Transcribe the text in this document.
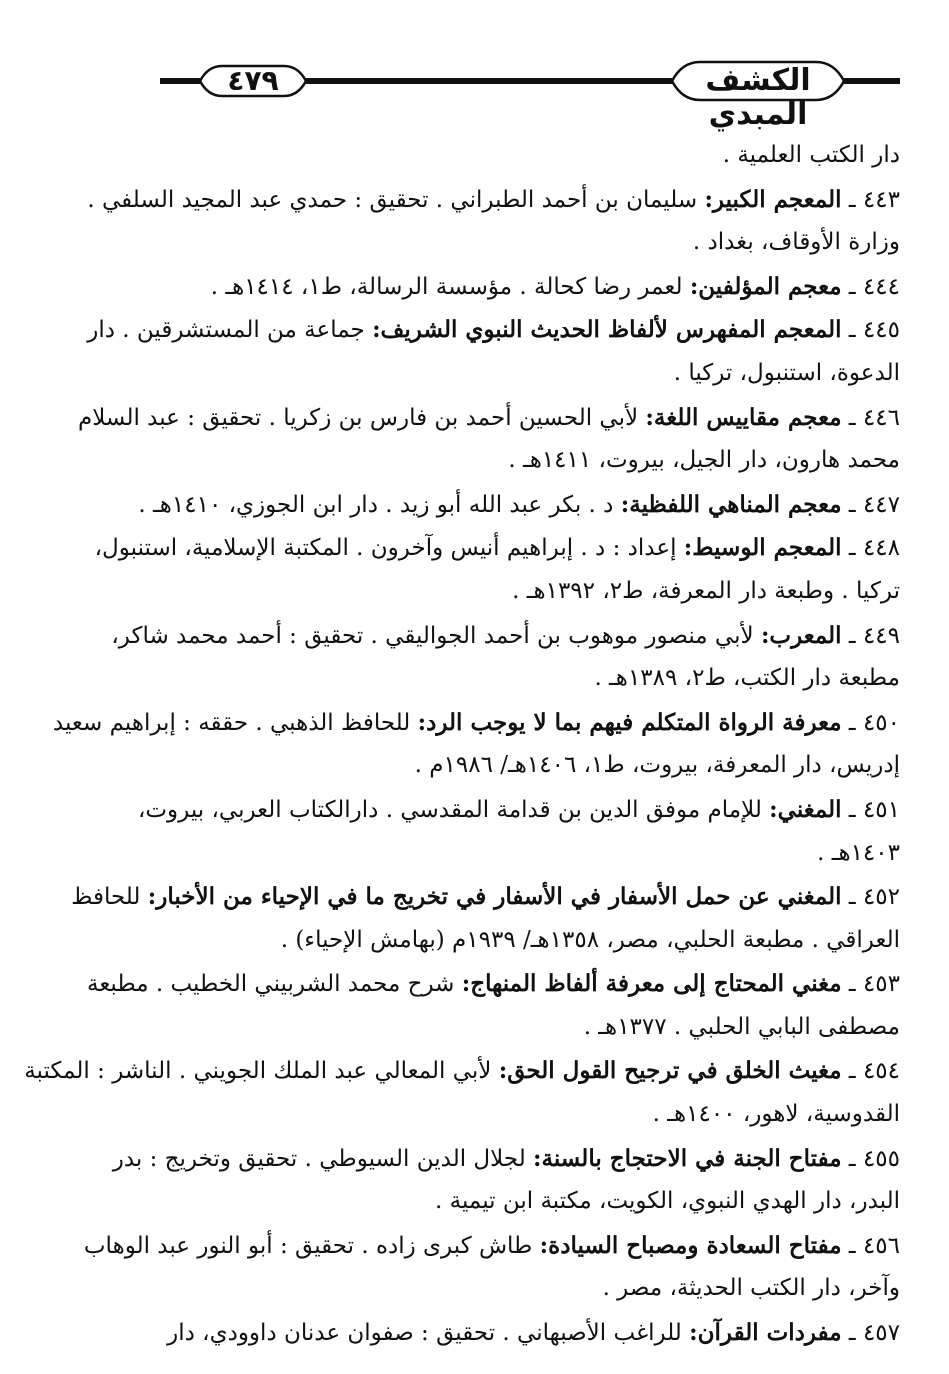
٤٧٩	الكشف المبدي
دار الكتب العلمية .
٤٤٣ ـ المعجم الكبير: سليمان بن أحمد الطبراني . تحقيق : حمدي عبد المجيد السلفي .
وزارة الأوقاف، بغداد .
٤٤٤ ـ معجم المؤلفين: لعمر رضا كحالة . مؤسسة الرسالة، ط١، ١٤١٤هـ .
٤٤٥ ـ المعجم المفهرس لألفاظ الحديث النبوي الشريف: جماعة من المستشرقين . دار
الدعوة، استنبول، تركيا .
٤٤٦ ـ معجم مقاييس اللغة: لأبي الحسين أحمد بن فارس بن زكريا . تحقيق : عبد السلام
محمد هارون، دار الجيل، بيروت، ١٤١١هـ .
٤٤٧ ـ معجم المناهي اللفظية: د . بكر عبد الله أبو زيد . دار ابن الجوزي، ١٤١٠هـ .
٤٤٨ ـ المعجم الوسيط: إعداد : د . إبراهيم أنيس وآخرون . المكتبة الإسلامية، استنبول،
تركيا . وطبعة دار المعرفة، ط٢، ١٣٩٢هـ .
٤٤٩ ـ المعرب: لأبي منصور موهوب بن أحمد الجواليقي . تحقيق : أحمد محمد شاكر،
مطبعة دار الكتب، ط٢، ١٣٨٩هـ .
٤٥٠ ـ معرفة الرواة المتكلم فيهم بما لا يوجب الرد: للحافظ الذهبي . حققه : إبراهيم سعيد
إدريس، دار المعرفة، بيروت، ط١، ١٤٠٦هـ/ ١٩٨٦م .
٤٥١ ـ المغني: للإمام موفق الدين بن قدامة المقدسي . دارالكتاب العربي، بيروت،
١٤٠٣هـ .
٤٥٢ ـ المغني عن حمل الأسفار في الأسفار في تخريج ما في الإحياء من الأخبار: للحافظ
العراقي . مطبعة الحلبي، مصر، ١٣٥٨هـ/ ١٩٣٩م (بهامش الإحياء) .
٤٥٣ ـ مغني المحتاج إلى معرفة ألفاظ المنهاج: شرح محمد الشربيني الخطيب . مطبعة
مصطفى البابي الحلبي . ١٣٧٧هـ .
٤٥٤ ـ مغيث الخلق في ترجيح القول الحق: لأبي المعالي عبد الملك الجويني . الناشر : المكتبة
القدوسية، لاهور، ١٤٠٠هـ .
٤٥٥ ـ مفتاح الجنة في الاحتجاج بالسنة: لجلال الدين السيوطي . تحقيق وتخريج : بدر
البدر، دار الهدي النبوي، الكويت، مكتبة ابن تيمية .
٤٥٦ ـ مفتاح السعادة ومصباح السيادة: طاش كبرى زاده . تحقيق : أبو النور عبد الوهاب
وآخر، دار الكتب الحديثة، مصر .
٤٥٧ ـ مفردات القرآن: للراغب الأصبهاني . تحقيق : صفوان عدنان داوودي، دار
